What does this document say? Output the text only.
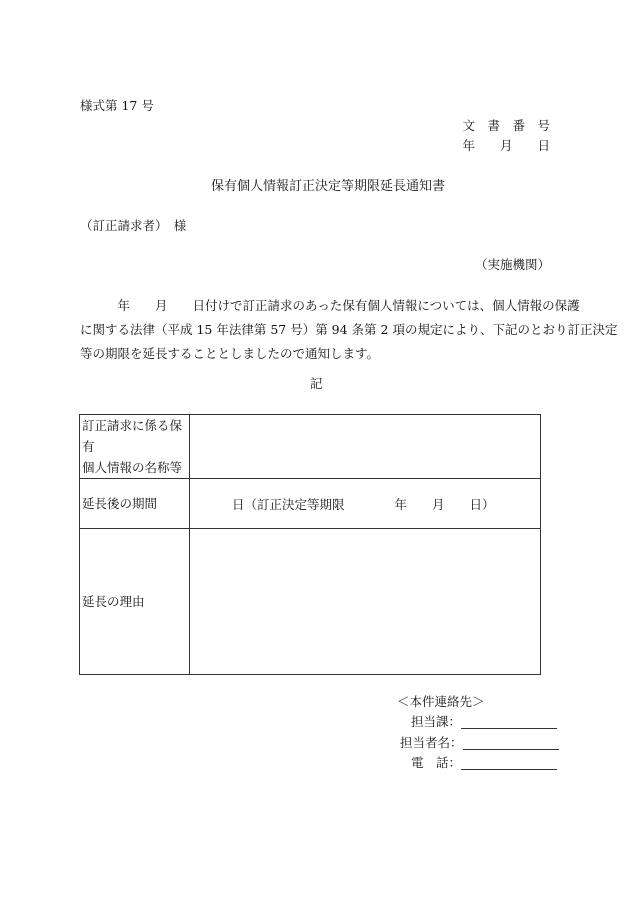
様式第 17 号
文　書　番　号
年　　月　　日
保有個人情報訂正決定等期限延長通知書
（訂正請求者）　様
（実施機関）

　　　年　　月　　日付けで訂正請求のあった保有個人情報については、個人情報の保護

に関する法律（平成 15 年法律第 57 号）第 94 条第 2 項の規定により、下記のとおり訂正決定

等の期限を延長することとしましたので通知します。

記
訂正請求に係る保有
個人情報の名称等	

延長後の期間	日（訂正決定等期限　　　　年　　月　　日）
延長の理由	
＜本件連絡先＞
担当課：
担当者名：
電　話：
